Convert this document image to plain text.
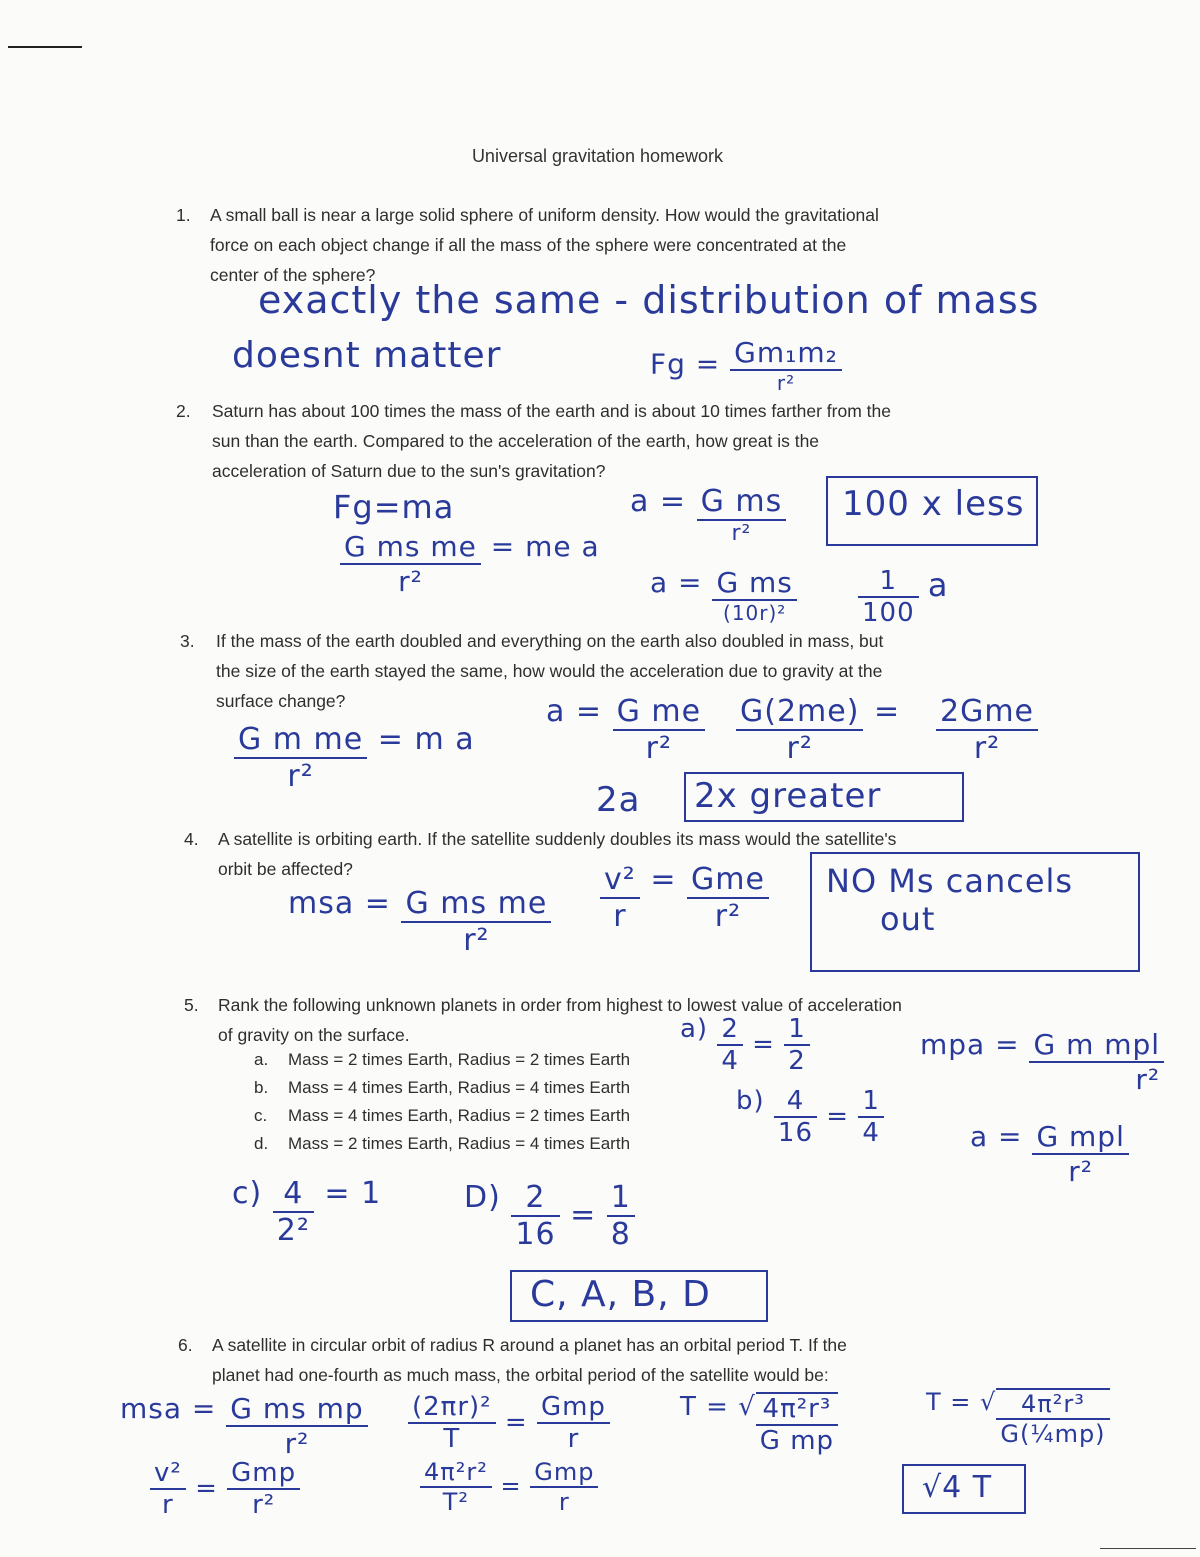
Universal gravitation homework
1. A small ball is near a large solid sphere of uniform density. How would the gravitational
force on each object change if all the mass of the sphere were concentrated at the
center of the sphere?
exactly the same - distribution of mass
doesnt matter	$Fg = \frac{\text{Gm₁m₂}}{\text{r²}}$
2. Saturn has about 100 times the mass of the earth and is about 10 times farther from the
sun than the earth. Compared to the acceleration of the earth, how great is the
acceleration of Saturn due to the sun's gravitation?
Fg=ma
$\frac{\text{G ms me}}{\text{r²}}$ = me a
$a = \frac{\text{G ms}}{\text{r²}}$
$a = \frac{\text{G ms}}{\text{(10r)²}} \frac{1}{100}$ a
100 x less
3. If the mass of the earth doubled and everything on the earth also doubled in mass, but
the size of the earth stayed the same, how would the acceleration due to gravity at the
surface change?
$\frac{\text{G m me}}{\text{r²}} = m$ a
$a = \frac{\text{G me}}{\text{r²}} \frac{G(2me)}{\text{r²}} = \frac{\text{2Gme}}{\text{r²}}$
2a 2x greater
4. A satellite is orbiting earth. If the satellite suddenly doubles its mass would the satellite's
orbit be affected?
msa = $\frac{\text{G ms me}}{\text{r²}} \frac{\text{v²}}{r} = \frac{\text{Gme}}{\text{r²}}$ NO Ms cancels
out
5. Rank the following unknown planets in order from highest to lowest value of acceleration
of gravity on the surface.
a. Mass = 2 times Earth, Radius = 2 times Earth
b. Mass = 4 times Earth, Radius = 4 times Earth
c. Mass = 4 times Earth, Radius = 2 times Earth
d. Mass = 2 times Earth, Radius = 4 times Earth
$a) \frac{2}{4} = \frac{1}{2}$
$b) \frac{4}{16} = \frac{1}{4}$
mpa = $\frac{\text{G m mpl}}{\text{r²}}$
$a = \frac{\text{G mpl}}{\text{r²}}$
$c) \frac{4}{\text{2²}} = 1$	$D) \frac{2}{16} = \frac{1}{8}$
C, A, B, D
6. A satellite in circular orbit of radius R around a planet has an orbital period T. If the
planet had one-fourth as much mass, the orbital period of the satellite would be:
msa = $\frac{\text{G ms mp}}{\text{r²}} \frac{\text{(2πr)²}}{T} = \frac{\text{Gmp}}{r}$
$\frac{\text{v²}}{r} = \frac{\text{Gmp}}{\text{r²}}$	$\frac{\text{4π²r²}}{\text{T²}} = \frac{\text{Gmp}}{r}$
T = √ $\frac{\text{4π²r³}}{\text{G mp}}$	T = √ $\frac{\text{4π²r³}}{\text{G(¼mp)}}$
√4 T
